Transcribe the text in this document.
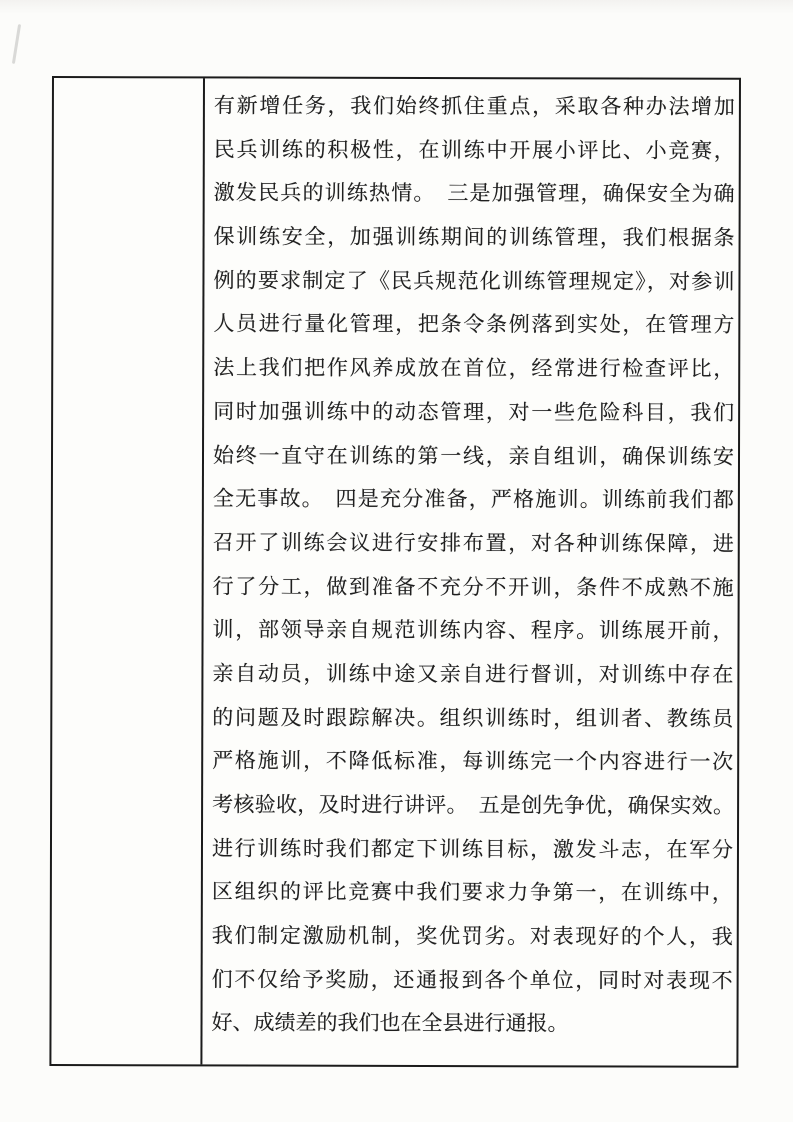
有新增任务，我们始终抓住重点，采取各种办法增加
民兵训练的积极性，在训练中开展小评比、小竞赛，
激发民兵的训练热情。　三是加强管理，确保安全为确
保训练安全，加强训练期间的训练管理，我们根据条
例的要求制定了《民兵规范化训练管理规定》，对参训
人员进行量化管理，把条令条例落到实处，在管理方
法上我们把作风养成放在首位，经常进行检查评比，
同时加强训练中的动态管理，对一些危险科目，我们
始终一直守在训练的第一线，亲自组训，确保训练安
全无事故。　四是充分准备，严格施训。训练前我们都
召开了训练会议进行安排布置，对各种训练保障，进
行了分工，做到准备不充分不开训，条件不成熟不施
训，部领导亲自规范训练内容、程序。训练展开前，
亲自动员，训练中途又亲自进行督训，对训练中存在
的问题及时跟踪解决。组织训练时，组训者、教练员
严格施训，不降低标准，每训练完一个内容进行一次
考核验收，及时进行讲评。　五是创先争优，确保实效。
进行训练时我们都定下训练目标，激发斗志，在军分
区组织的评比竞赛中我们要求力争第一，在训练中，
我们制定激励机制，奖优罚劣。对表现好的个人，我
们不仅给予奖励，还通报到各个单位，同时对表现不
好、成绩差的我们也在全县进行通报。
